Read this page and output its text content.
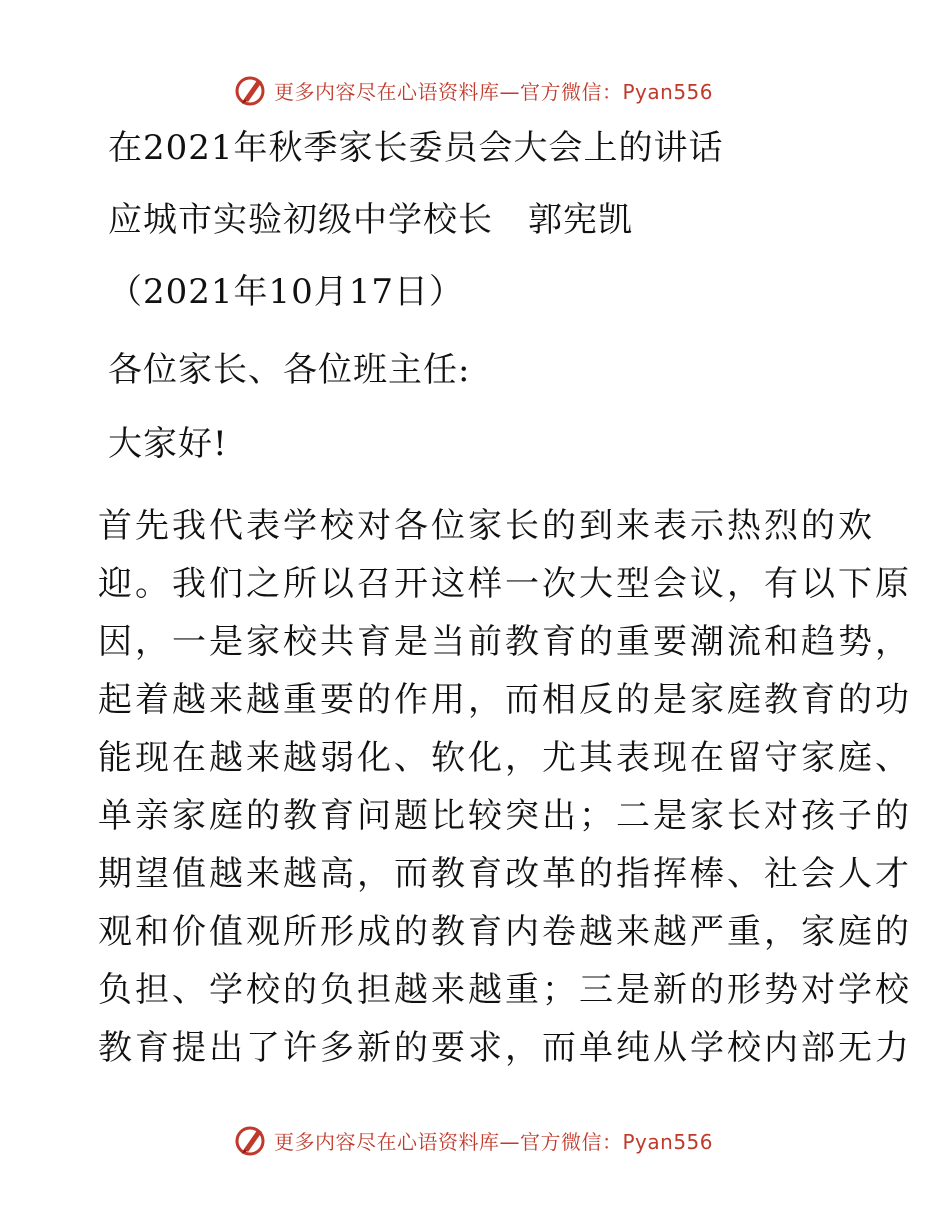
更多内容尽在心语资料库—官方微信：Pyan556
在2021年秋季家长委员会大会上的讲话
应城市实验初级中学校长　郭宪凯
（2021年10月17日）
各位家长、各位班主任:
大家好!
首先我代表学校对各位家长的到来表示热烈的欢
迎。我们之所以召开这样一次大型会议，有以下原
因，一是家校共育是当前教育的重要潮流和趋势，
起着越来越重要的作用，而相反的是家庭教育的功
能现在越来越弱化、软化，尤其表现在留守家庭、
单亲家庭的教育问题比较突出；二是家长对孩子的
期望值越来越高，而教育改革的指挥棒、社会人才
观和价值观所形成的教育内卷越来越严重，家庭的
负担、学校的负担越来越重；三是新的形势对学校
教育提出了许多新的要求，而单纯从学校内部无力
更多内容尽在心语资料库—官方微信：Pyan556
